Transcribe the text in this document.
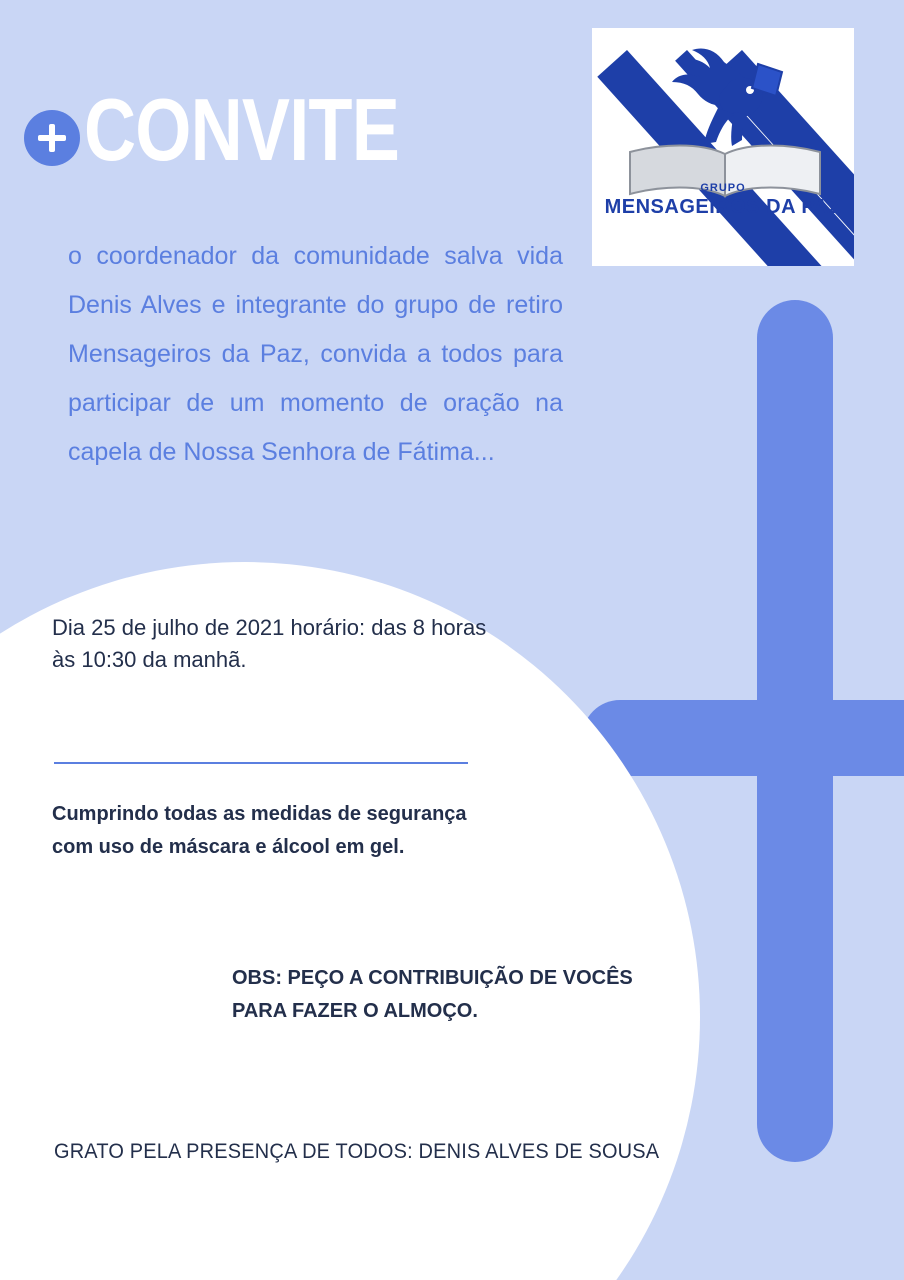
GRUPO
MENSAGEIROS DA PAZ
CONVITE
o coordenador da comunidade salva vida Denis Alves e integrante do grupo de retiro Mensageiros da Paz, convida a todos para participar de um momento de oração na capela de Nossa Senhora de Fátima...
Dia 25 de julho de 2021 horário: das 8 horas às 10:30 da manhã.
Cumprindo todas as medidas de segurança com uso de máscara e álcool em gel.
OBS: PEÇO A CONTRIBUIÇÃO DE VOCÊS PARA FAZER O ALMOÇO.
GRATO PELA PRESENÇA DE TODOS: DENIS ALVES DE SOUSA
